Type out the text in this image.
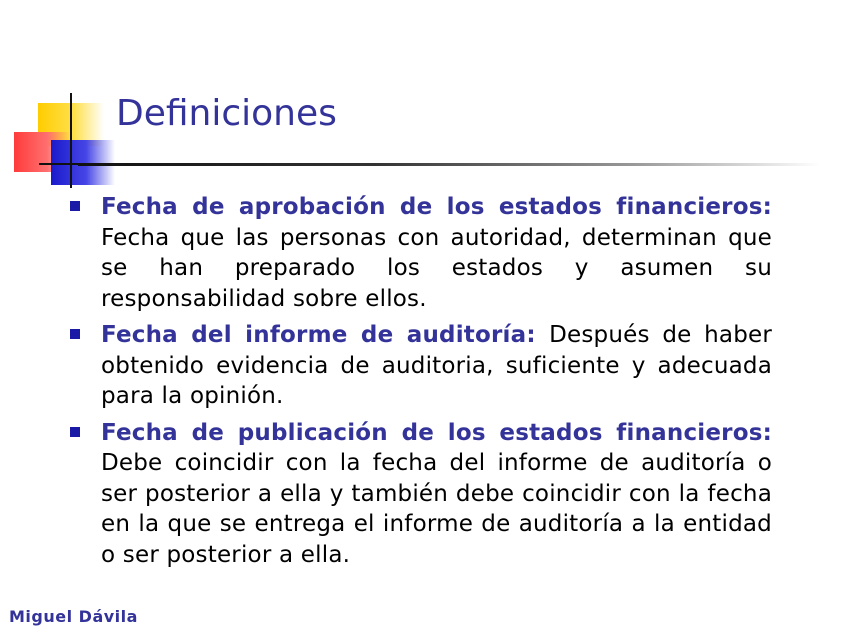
Definiciones
Fecha de aprobación de los estados financieros: Fecha que las personas con autoridad, determinan que se han preparado los estados y asumen su responsabilidad sobre ellos.
Fecha del informe de auditoría: Después de haber obtenido evidencia de auditoria, suficiente y adecuada para la opinión.
Fecha de publicación de los estados financieros: Debe coincidir con la fecha del informe de auditoría o ser posterior a ella y también debe coincidir con la fecha en la que se entrega el informe de auditoría a la entidad o ser posterior a ella.
Miguel Dávila
